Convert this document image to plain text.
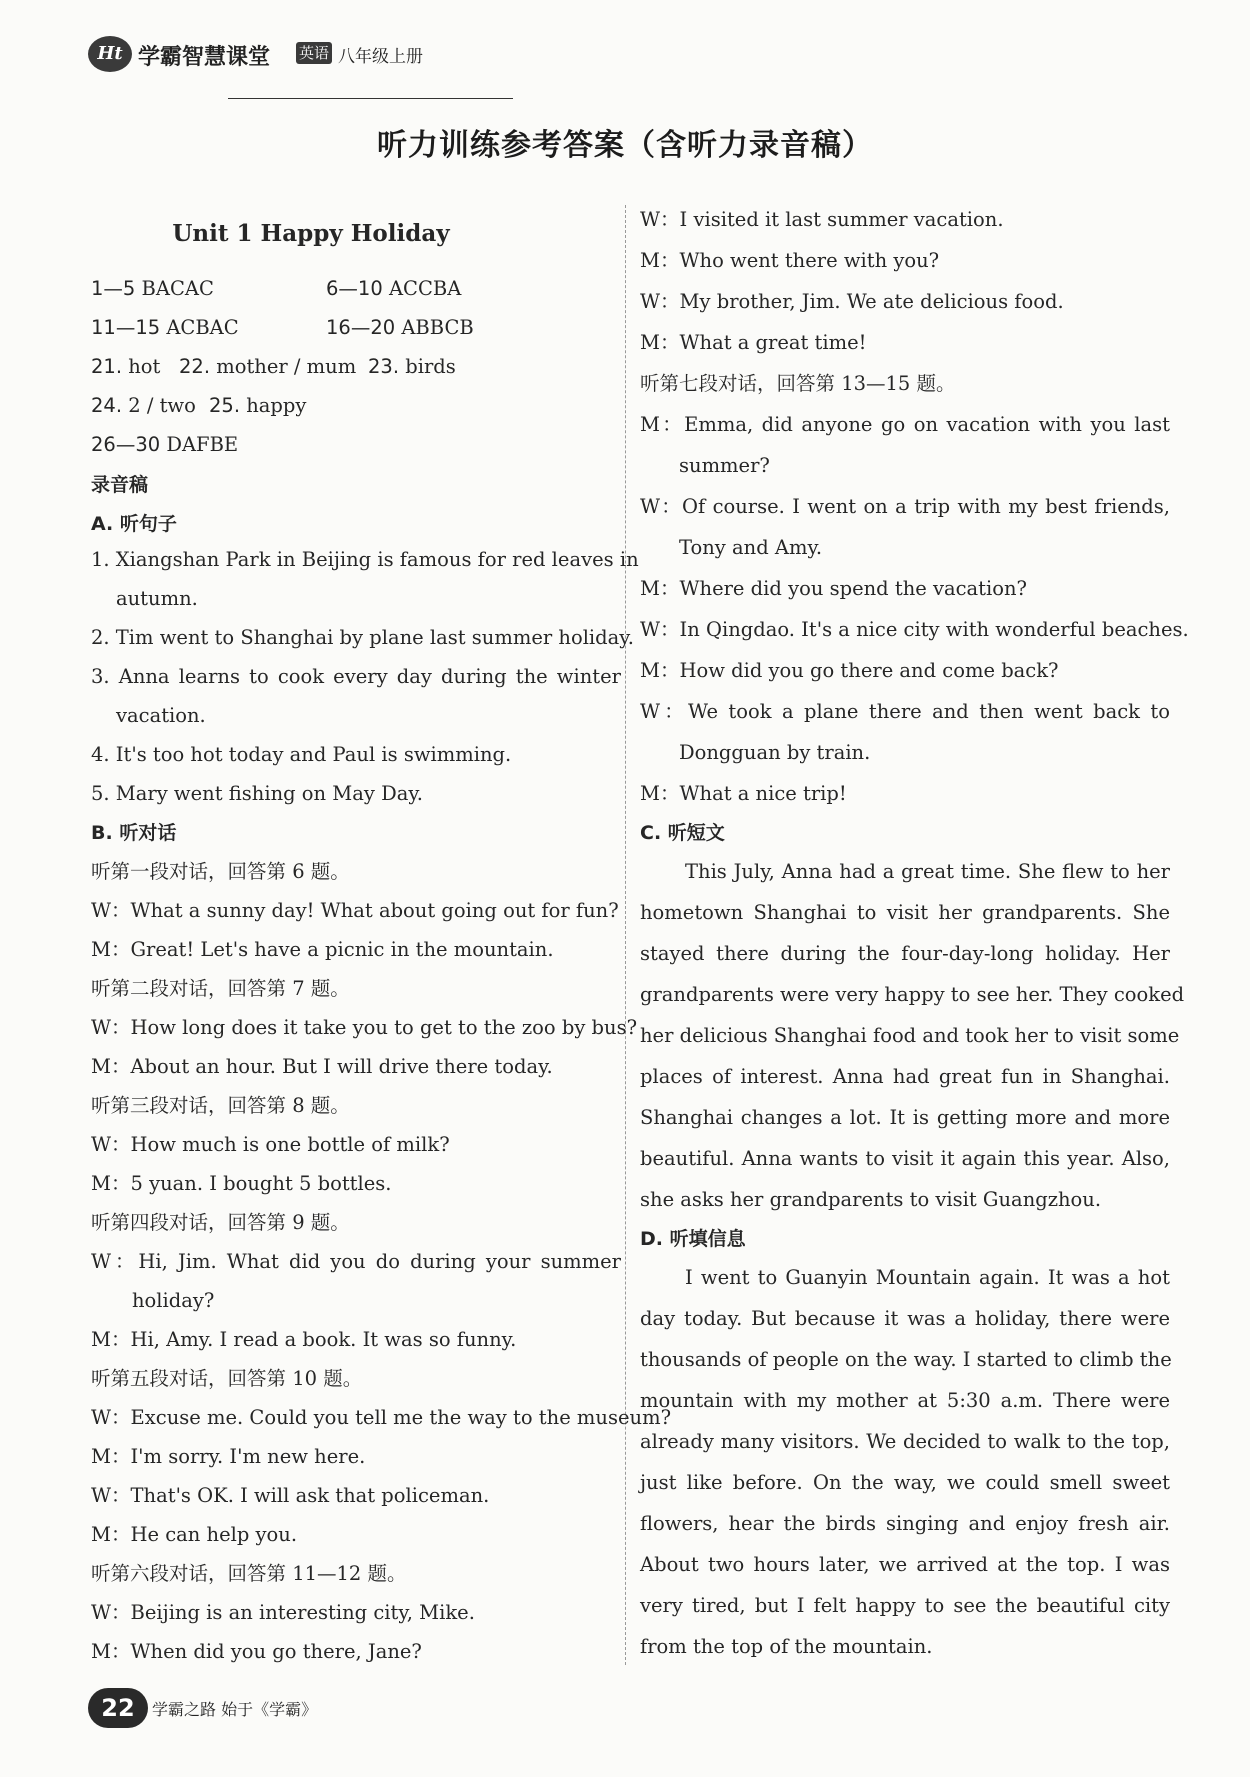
Ht 学霸智慧课堂 英语 八年级上册
听力训练参考答案（含听力录音稿）
Unit 1 Happy Holiday
1—5 BACAC	6—10 ACCBA
11—15 ACBAC	16—20 ABBCB
21. hot 22. mother / mum 23. birds
24. 2 / two 25. happy
26—30 DAFBE
录音稿
A. 听句子
1. Xiangshan Park in Beijing is famous for red leaves in
autumn.
2. Tim went to Shanghai by plane last summer holiday.
3. Anna learns to cook every day during the winter
vacation.
4. It's too hot today and Paul is swimming.
5. Mary went fishing on May Day.
B. 听对话
听第一段对话，回答第 6 题。
W：What a sunny day! What about going out for fun?
M：Great! Let's have a picnic in the mountain.
听第二段对话，回答第 7 题。
W：How long does it take you to get to the zoo by bus?
M：About an hour. But I will drive there today.
听第三段对话，回答第 8 题。
W：How much is one bottle of milk?
M：5 yuan. I bought 5 bottles.
听第四段对话，回答第 9 题。
W：Hi, Jim. What did you do during your summer
holiday?
M：Hi, Amy. I read a book. It was so funny.
听第五段对话，回答第 10 题。
W：Excuse me. Could you tell me the way to the museum?
M：I'm sorry. I'm new here.
W：That's OK. I will ask that policeman.
M：He can help you.
听第六段对话，回答第 11—12 题。
W：Beijing is an interesting city, Mike.
M：When did you go there, Jane?
W：I visited it last summer vacation.
M：Who went there with you?
W：My brother, Jim. We ate delicious food.
M：What a great time!
听第七段对话，回答第 13—15 题。
M：Emma, did anyone go on vacation with you last
summer?
W：Of course. I went on a trip with my best friends,
Tony and Amy.
M：Where did you spend the vacation?
W：In Qingdao. It's a nice city with wonderful beaches.
M：How did you go there and come back?
W：We took a plane there and then went back to
Dongguan by train.
M：What a nice trip!
C. 听短文
This July, Anna had a great time. She flew to her
hometown Shanghai to visit her grandparents. She
stayed there during the four-day-long holiday. Her
grandparents were very happy to see her. They cooked
her delicious Shanghai food and took her to visit some
places of interest. Anna had great fun in Shanghai.
Shanghai changes a lot. It is getting more and more
beautiful. Anna wants to visit it again this year. Also,
she asks her grandparents to visit Guangzhou.
D. 听填信息
I went to Guanyin Mountain again. It was a hot
day today. But because it was a holiday, there were
thousands of people on the way. I started to climb the
mountain with my mother at 5:30 a.m. There were
already many visitors. We decided to walk to the top,
just like before. On the way, we could smell sweet
flowers, hear the birds singing and enjoy fresh air.
About two hours later, we arrived at the top. I was
very tired, but I felt happy to see the beautiful city
from the top of the mountain.
22	学霸之路 始于《学霸》
